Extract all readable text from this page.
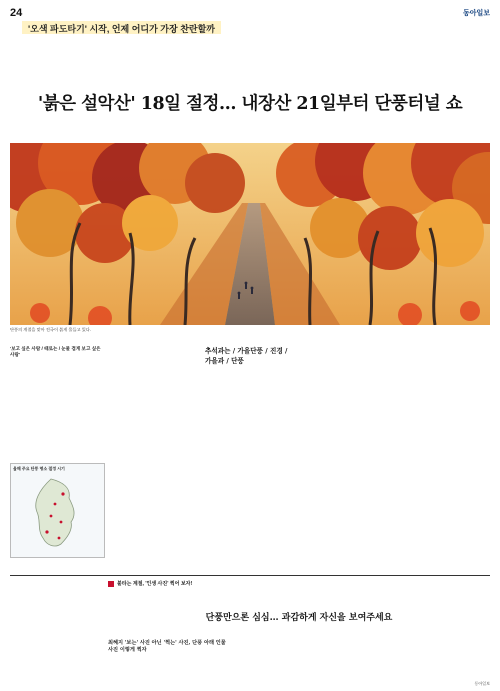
24	동아일보
'오색 파도타기' 시작, 언제 어디가 가장 찬란할까
'붉은 설악산' 18일 절정… 내장산 21일부터 단풍터널 쇼
단풍의 계절을 맞아 전국이 붉게 물들고 있다.
'보고 싶은 사람 / 때로는 / 눈물 겹게 보고 싶은 사람'	추석과는 / 가을단풍 / 진경 / 가을과 / 단풍
올해 주요 단풍 명소 절정 시기
불타는 계절, '인생 사진' 찍어 보자!
단풍만으론 심심… 과감하게 자신을 보여주세요
최혜지 '보는' 사진 아닌 '찍는' 사진, 단풍 아래 인물 사진 이렇게 찍자
동아일보
